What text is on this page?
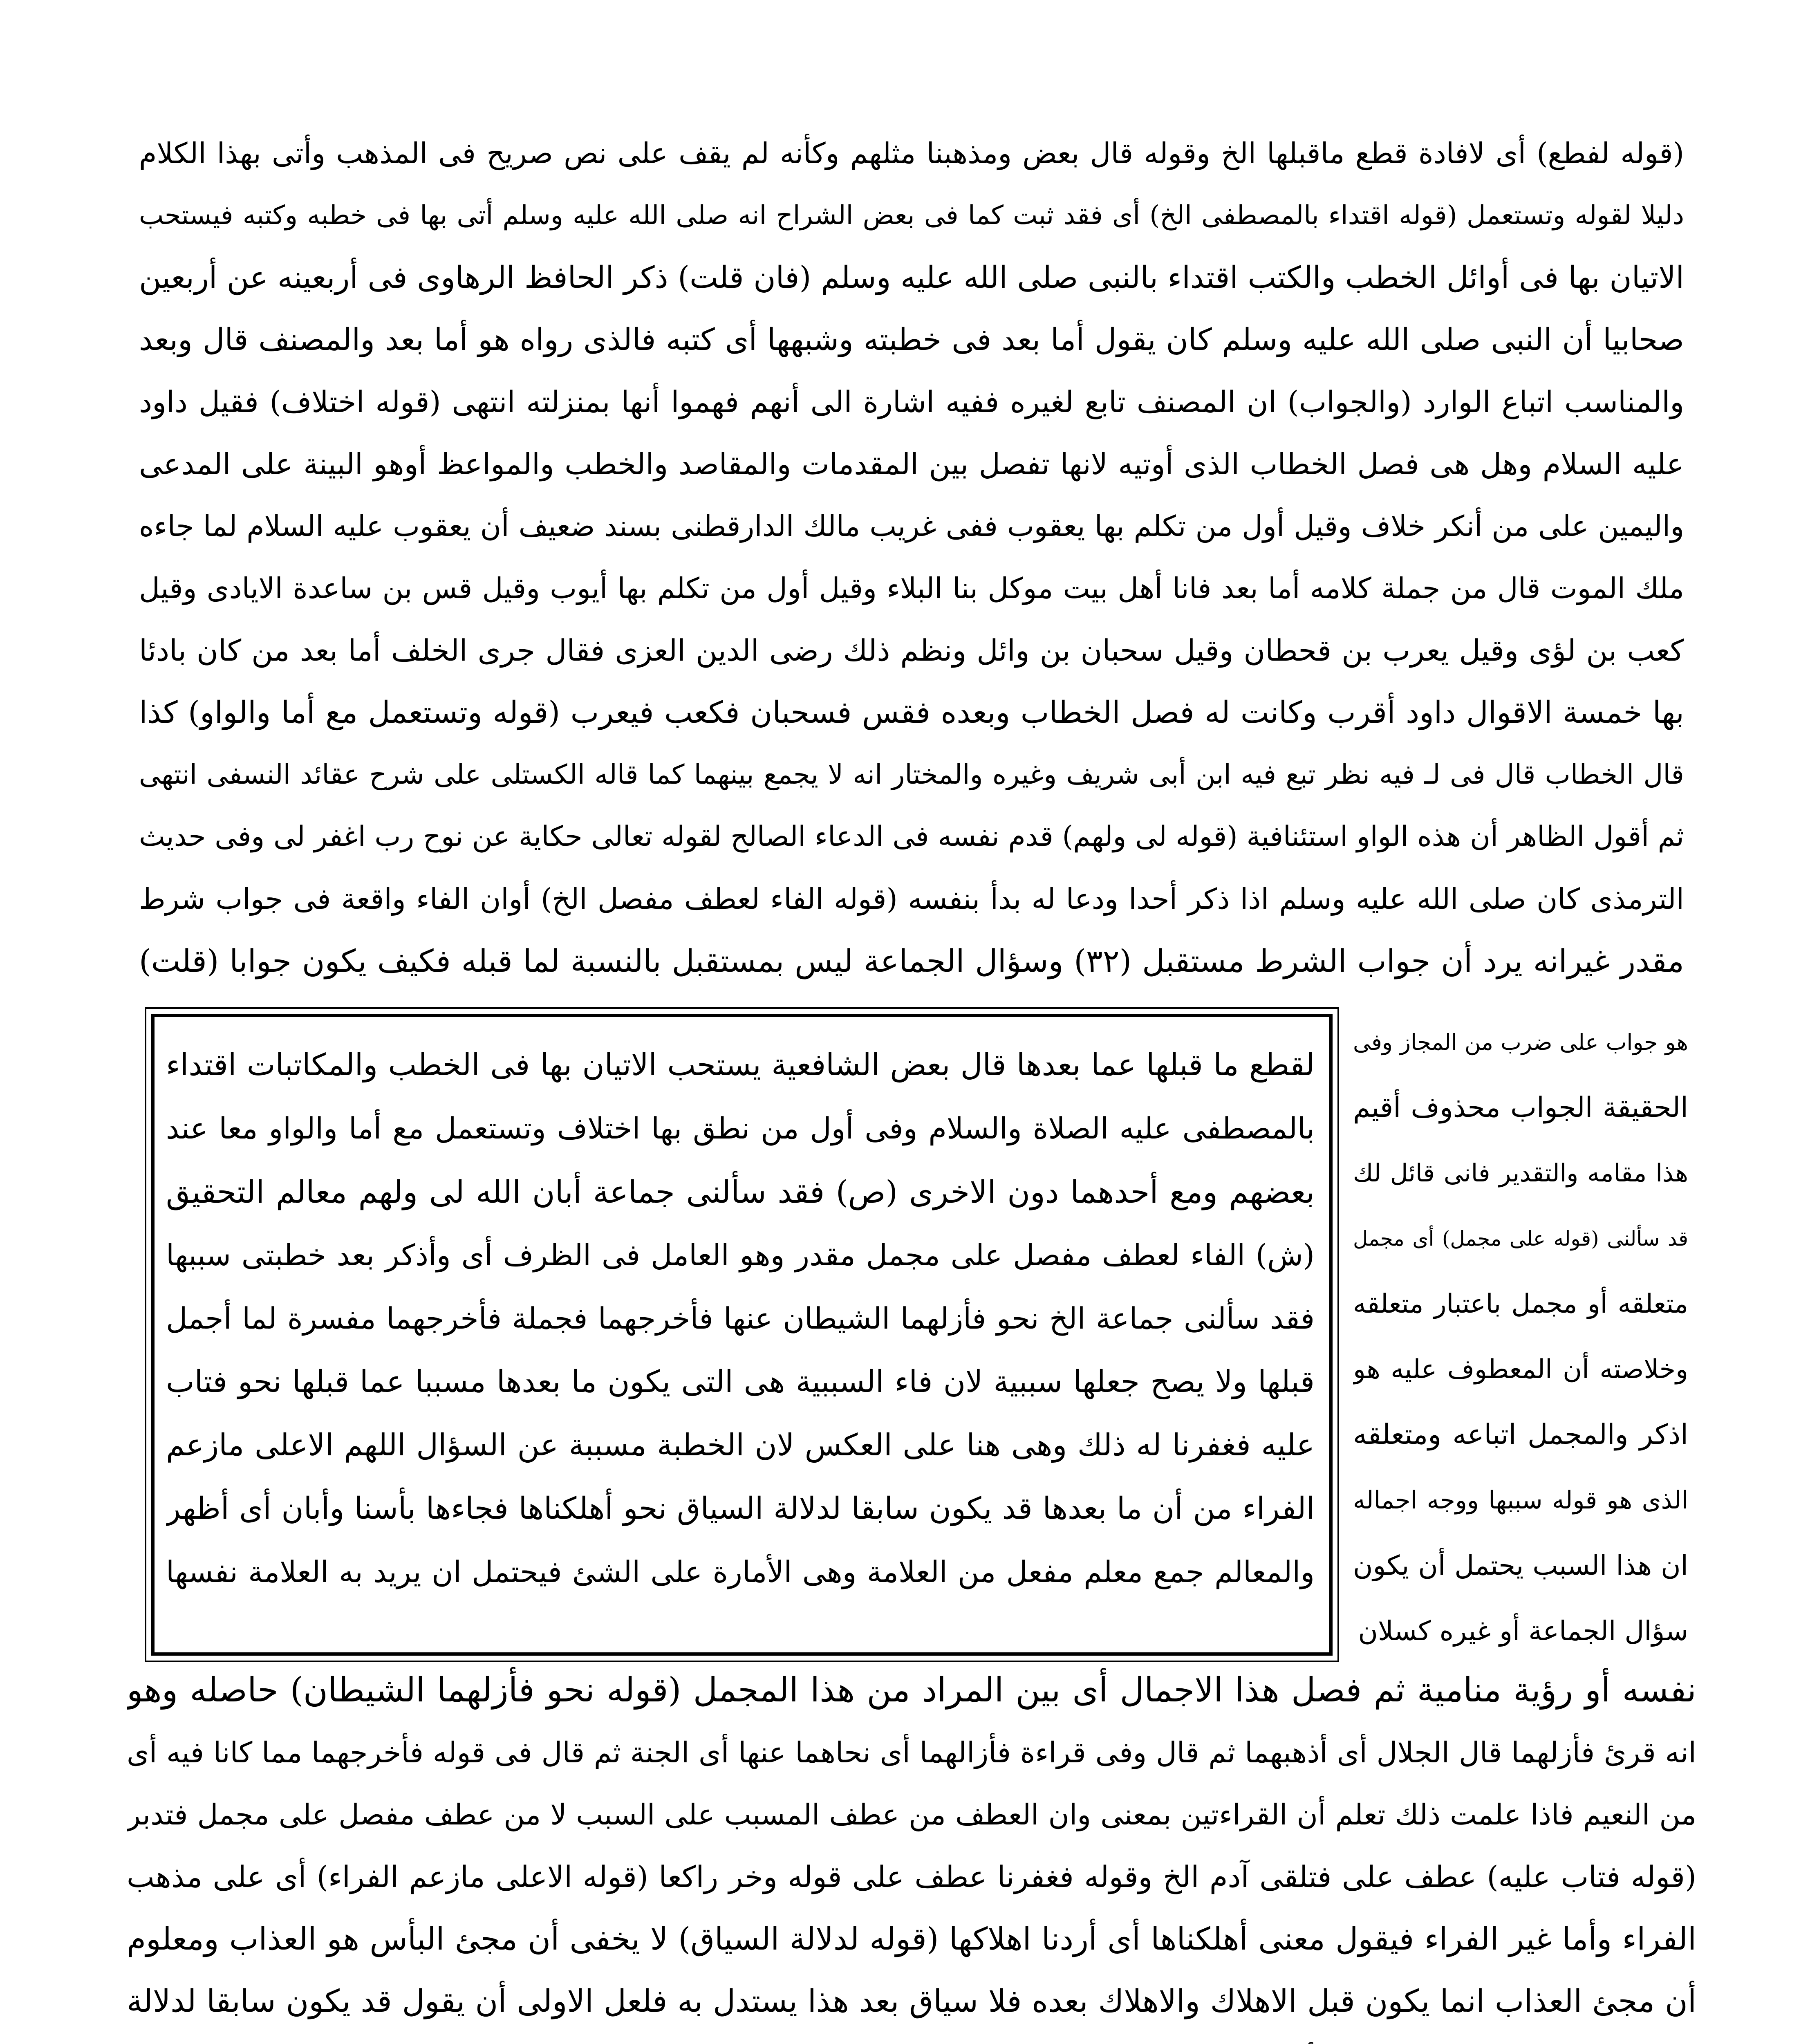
(قوله لفطع) أى لافادة قطع ماقبلها الخ وقوله قال بعض ومذهبنا مثلهم وكأنه لم يقف على نص صريح فى المذهب وأتى بهذا الكلام
دليلا لقوله وتستعمل (قوله اقتداء بالمصطفى الخ) أى فقد ثبت كما فى بعض الشراح انه صلى الله عليه وسلم أتى بها فى خطبه وكتبه فيستحب
الاتيان بها فى أوائل الخطب والكتب اقتداء بالنبى صلى الله عليه وسلم (فان قلت) ذكر الحافظ الرهاوى فى أربعينه عن أربعين
صحابيا أن النبى صلى الله عليه وسلم كان يقول أما بعد فى خطبته وشبهها أى كتبه فالذى رواه هو أما بعد والمصنف قال وبعد
والمناسب اتباع الوارد (والجواب) ان المصنف تابع لغيره ففيه اشارة الى أنهم فهموا أنها بمنزلته انتهى (قوله اختلاف) فقيل داود
عليه السلام وهل هى فصل الخطاب الذى أوتيه لانها تفصل بين المقدمات والمقاصد والخطب والمواعظ أوهو البينة على المدعى
واليمين على من أنكر خلاف وقيل أول من تكلم بها يعقوب ففى غريب مالك الدارقطنى بسند ضعيف أن يعقوب عليه السلام لما جاءه
ملك الموت قال من جملة كلامه أما بعد فانا أهل بيت موكل بنا البلاء وقيل أول من تكلم بها أيوب وقيل قس بن ساعدة الايادى وقيل
كعب بن لؤى وقيل يعرب بن قحطان وقيل سحبان بن وائل ونظم ذلك رضى الدين العزى فقال جرى الخلف أما بعد من كان بادئا
بها خمسة الاقوال داود أقرب وكانت له فصل الخطاب وبعده فقس فسحبان فكعب فيعرب (قوله وتستعمل مع أما والواو) كذا
قال الخطاب قال فى لـ فيه نظر تبع فيه ابن أبى شريف وغيره والمختار انه لا يجمع بينهما كما قاله الكستلى على شرح عقائد النسفى انتهى
ثم أقول الظاهر أن هذه الواو استئنافية (قوله لى ولهم) قدم نفسه فى الدعاء الصالح لقوله تعالى حكاية عن نوح رب اغفر لى وفى حديث
الترمذى كان صلى الله عليه وسلم اذا ذكر أحدا ودعا له بدأ بنفسه (قوله الفاء لعطف مفصل الخ) أوان الفاء واقعة فى جواب شرط
مقدر غيرانه يرد أن جواب الشرط مستقبل (٣٢) وسؤال الجماعة ليس بمستقبل بالنسبة لما قبله فكيف يكون جوابا (قلت)
هو جواب على ضرب من المجاز وفى
الحقيقة الجواب محذوف أقيم
هذا مقامه والتقدير فانى قائل لك
قد سألنى (قوله على مجمل) أى مجمل
متعلقه أو مجمل باعتبار متعلقه
وخلاصته أن المعطوف عليه هو
اذكر والمجمل اتباعه ومتعلقه
الذى هو قوله سببها ووجه اجماله
ان هذا السبب يحتمل أن يكون
سؤال الجماعة أو غيره كسلان
لقطع ما قبلها عما بعدها قال بعض الشافعية يستحب الاتيان بها فى الخطب والمكاتبات اقتداء
بالمصطفى عليه الصلاة والسلام وفى أول من نطق بها اختلاف وتستعمل مع أما والواو معا عند
بعضهم ومع أحدهما دون الاخرى (ص) فقد سألنى جماعة أبان الله لى ولهم معالم التحقيق
(ش) الفاء لعطف مفصل على مجمل مقدر وهو العامل فى الظرف أى وأذكر بعد خطبتى سببها
فقد سألنى جماعة الخ نحو فأزلهما الشيطان عنها فأخرجهما فجملة فأخرجهما مفسرة لما أجمل
قبلها ولا يصح جعلها سببية لان فاء السببية هى التى يكون ما بعدها مسببا عما قبلها نحو فتاب
عليه فغفرنا له ذلك وهى هنا على العكس لان الخطبة مسببة عن السؤال اللهم الاعلى مازعم
الفراء من أن ما بعدها قد يكون سابقا لدلالة السياق نحو أهلكناها فجاءها بأسنا وأبان أى أظهر
والمعالم جمع معلم مفعل من العلامة وهى الأمارة على الشئ فيحتمل ان يريد به العلامة نفسها
نفسه أو رؤية منامية ثم فصل هذا الاجمال أى بين المراد من هذا المجمل (قوله نحو فأزلهما الشيطان) حاصله وهو
انه قرئ فأزلهما قال الجلال أى أذهبهما ثم قال وفى قراءة فأزالهما أى نحاهما عنها أى الجنة ثم قال فى قوله فأخرجهما مما كانا فيه أى
من النعيم فاذا علمت ذلك تعلم أن القراءتين بمعنى وان العطف من عطف المسبب على السبب لا من عطف مفصل على مجمل فتدبر
(قوله فتاب عليه) عطف على فتلقى آدم الخ وقوله فغفرنا عطف على قوله وخر راكعا (قوله الاعلى مازعم الفراء) أى على مذهب
الفراء وأما غير الفراء فيقول معنى أهلكناها أى أردنا اهلاكها (قوله لدلالة السياق) لا يخفى أن مجئ البأس هو العذاب ومعلوم
أن مجئ العذاب انما يكون قبل الاهلاك والاهلاك بعده فلا سياق بعد هذا يستدل به فلعل الاولى أن يقول قد يكون سابقا لدلالة
